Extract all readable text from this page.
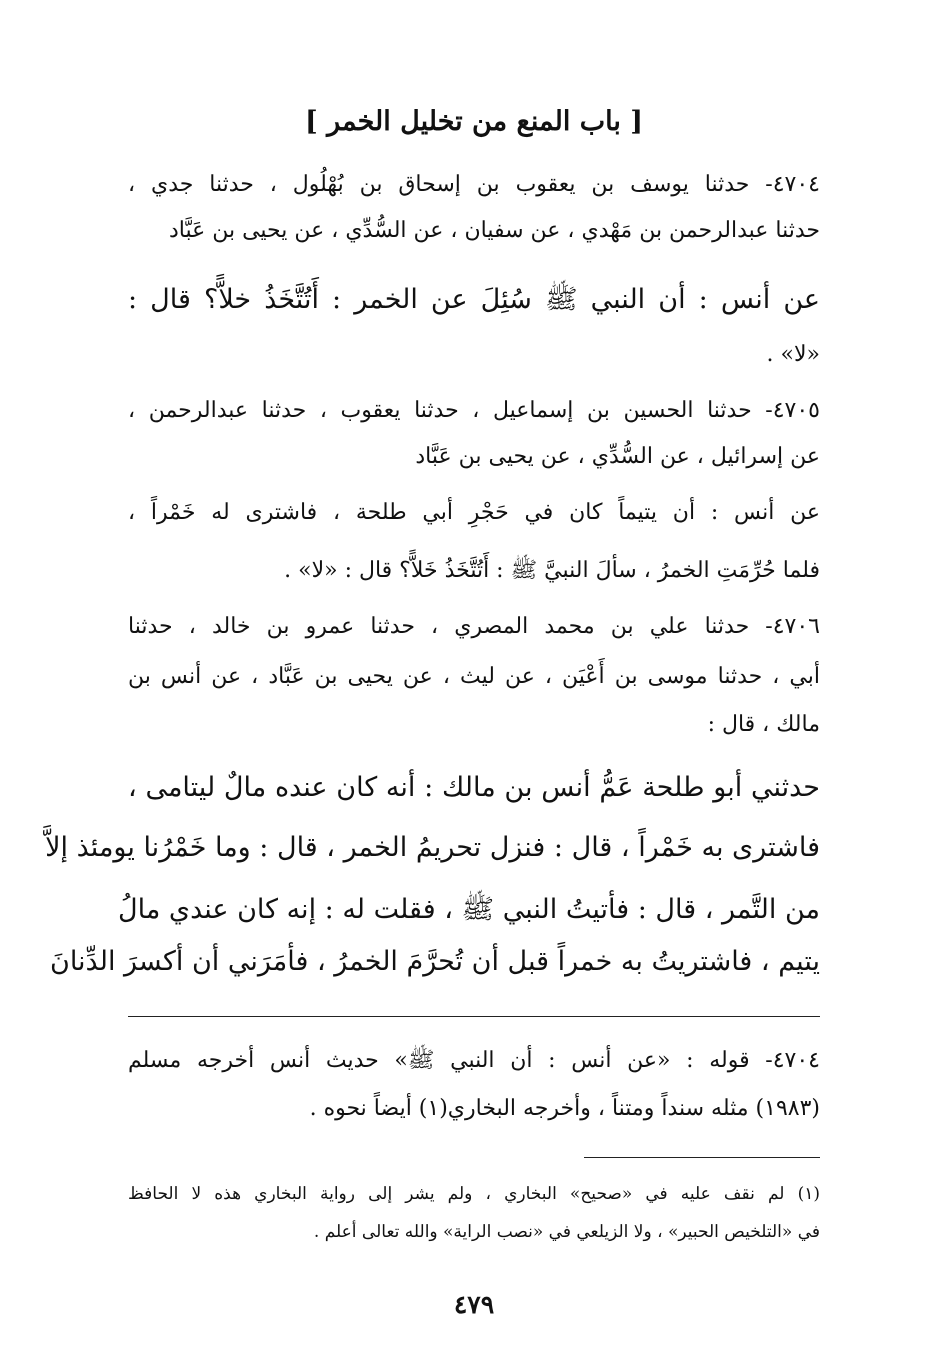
[ باب المنع من تخليل الخمر ]
٤٧٠٤- حدثنا يوسف بن يعقوب بن إسحاق بن بُهْلُول ، حدثنا جدي ،
حدثنا عبدالرحمن بن مَهْدي ، عن سفيان ، عن السُّدِّي ، عن يحيى بن عَبَّاد
عن أنس : أن النبي ﷺ سُئِلَ عن الخمر : أَتُتَّخَذُ خلاًّ؟ قال :
«لا» .
٤٧٠٥- حدثنا الحسين بن إسماعيل ، حدثنا يعقوب ، حدثنا عبدالرحمن ،
عن إسرائيل ، عن السُّدِّي ، عن يحيى بن عَبَّاد
عن أنس : أن يتيماً كان في حَجْرِ أبي طلحة ، فاشترى له خَمْراً ،
فلما حُرِّمَتِ الخمرُ ، سألَ النبيَّ ﷺ : أَتُتَّخَذُ خَلاًّ؟ قال : «لا» .
٤٧٠٦- حدثنا علي بن محمد المصري ، حدثنا عمرو بن خالد ، حدثنا
أبي ، حدثنا موسى بن أَعْيَن ، عن ليث ، عن يحيى بن عَبَّاد ، عن أنس بن
مالك ، قال :
حدثني أبو طلحة عَمُّ أنس بن مالك : أنه كان عنده مالٌ ليتامى ،
فاشترى به خَمْراً ، قال : فنزل تحريمُ الخمر ، قال : وما خَمْرُنا يومئذ إلاَّ
من التَّمر ، قال : فأتيتُ النبي ﷺ ، فقلت له : إنه كان عندي مالُ
يتيم ، فاشتريتُ به خمراً قبل أن تُحرَّمَ الخمرُ ، فأمَرَني أن أكسرَ الدِّنانَ
٤٧٠٤- قوله : «عن أنس : أن النبي ﷺ» حديث أنس أخرجه مسلم
(١٩٨٣) مثله سنداً ومتناً ، وأخرجه البخاري(١) أيضاً نحوه .
(١) لم نقف عليه في «صحيح» البخاري ، ولم يشر إلى رواية البخاري هذه لا الحافظ
في «التلخيص الحبير» ، ولا الزيلعي في «نصب الراية» والله تعالى أعلم .
٤٧٩
